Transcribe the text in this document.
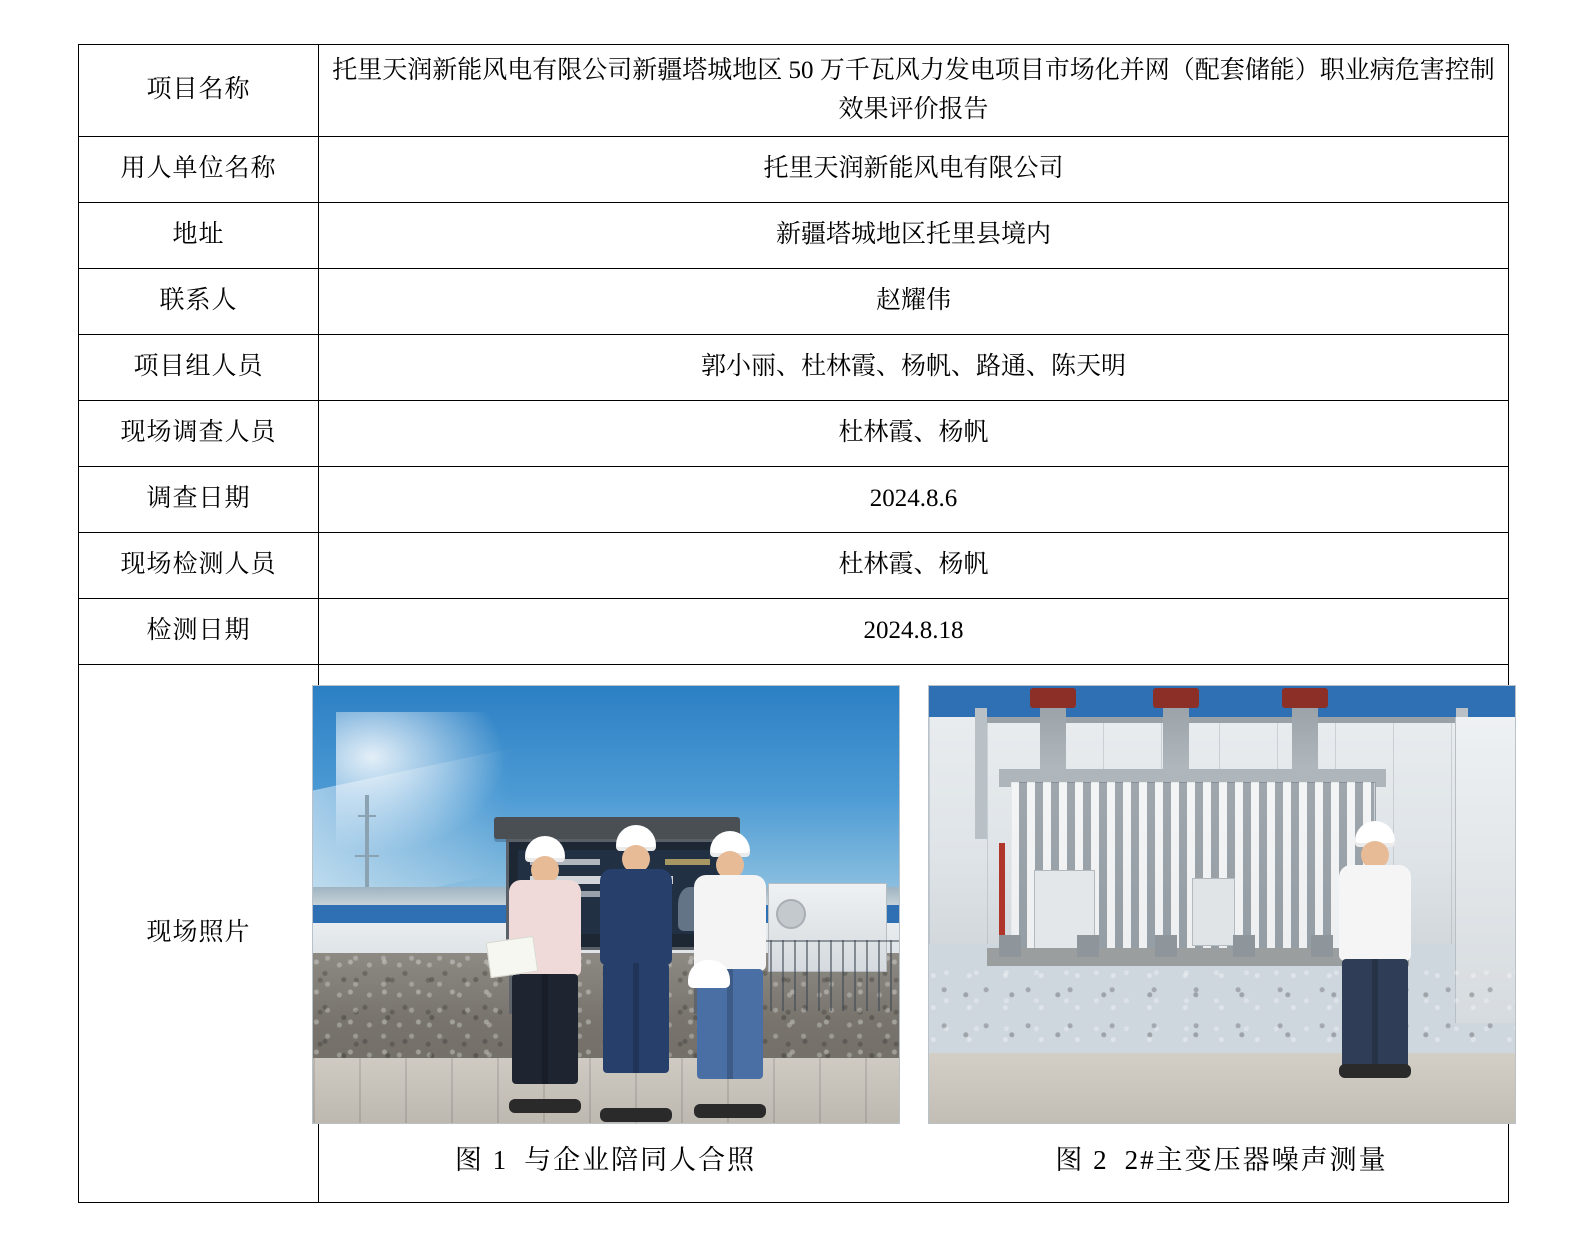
项目名称	托里天润新能风电有限公司新疆塔城地区 50 万千瓦风力发电项目市场化并网（配套储能）职业病危害控制效果评价报告
用人单位名称	托里天润新能风电有限公司
地址	新疆塔城地区托里县境内
联系人	赵耀伟
项目组人员	郭小丽、杜林霞、杨帆、路通、陈天明
现场调查人员	杜林霞、杨帆
调查日期	2024.8.6
现场检测人员	杜林霞、杨帆
检测日期	2024.8.18
现场照片	图 1 与企业陪同人合照 图 2 2#主变压器噪声测量
